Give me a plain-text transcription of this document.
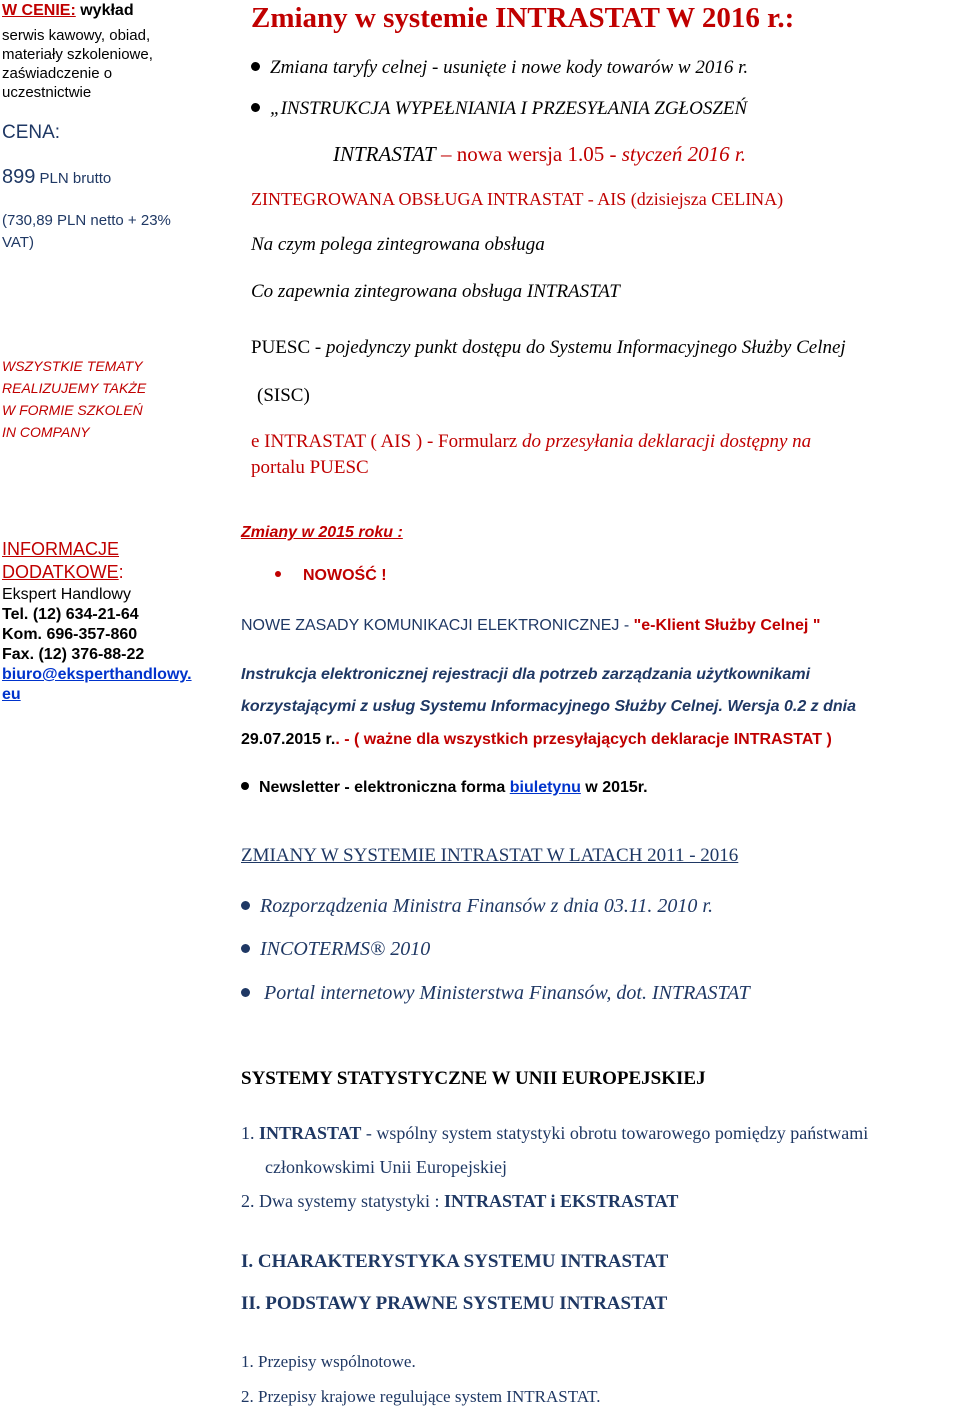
W CENIE: wykład
serwis kawowy, obiad,
materiały szkoleniowe,
zaświadczenie o
uczestnictwie
CENA:
899 PLN brutto
(730,89 PLN netto + 23%
VAT)
WSZYSTKIE TEMATY
REALIZUJEMY TAKŻE
W FORMIE SZKOLEŃ
IN COMPANY
INFORMACJE
DODATKOWE:
Ekspert Handlowy
Tel. (12) 634-21-64
Kom. 696-357-860
Fax. (12) 376-88-22
biuro@eksperthandlowy.
eu
Zmiany w systemie INTRASTAT W 2016 r.:
Zmiana taryfy celnej - usunięte i nowe kody towarów w 2016 r.
„INSTRUKCJA WYPEŁNIANIA I PRZESYŁANIA ZGŁOSZEŃ
INTRASTAT – nowa wersja 1.05 - styczeń 2016 r.
ZINTEGROWANA OBSŁUGA INTRASTAT - AIS (dzisiejsza CELINA)
Na czym polega zintegrowana obsługa
Co zapewnia zintegrowana obsługa INTRASTAT
PUESC - pojedynczy punkt dostępu do Systemu Informacyjnego Służby Celnej
(SISC)
e INTRASTAT ( AIS ) - Formularz do przesyłania deklaracji dostępny na
portalu PUESC
Zmiany w 2015 roku :
NOWOŚĆ !
NOWE ZASADY KOMUNIKACJI ELEKTRONICZNEJ - "e-Klient Służby Celnej "
Instrukcja elektronicznej rejestracji dla potrzeb zarządzania użytkownikami
korzystającymi z usług Systemu Informacyjnego Służby Celnej. Wersja 0.2 z dnia
29.07.2015 r.. - ( ważne dla wszystkich przesyłających deklaracje INTRASTAT )
Newsletter - elektroniczna forma biuletynu w 2015r.
ZMIANY W SYSTEMIE INTRASTAT W LATACH 2011 - 2016
Rozporządzenia Ministra Finansów z dnia 03.11. 2010 r.
INCOTERMS® 2010
Portal internetowy Ministerstwa Finansów, dot. INTRASTAT
SYSTEMY STATYSTYCZNE W UNII EUROPEJSKIEJ
1. INTRASTAT - wspólny system statystyki obrotu towarowego pomiędzy państwami
członkowskimi Unii Europejskiej
2. Dwa systemy statystyki : INTRASTAT i EKSTRASTAT
I. CHARAKTERYSTYKA SYSTEMU INTRASTAT
II. PODSTAWY PRAWNE SYSTEMU INTRASTAT
1. Przepisy wspólnotowe.
2. Przepisy krajowe regulujące system INTRASTAT.
